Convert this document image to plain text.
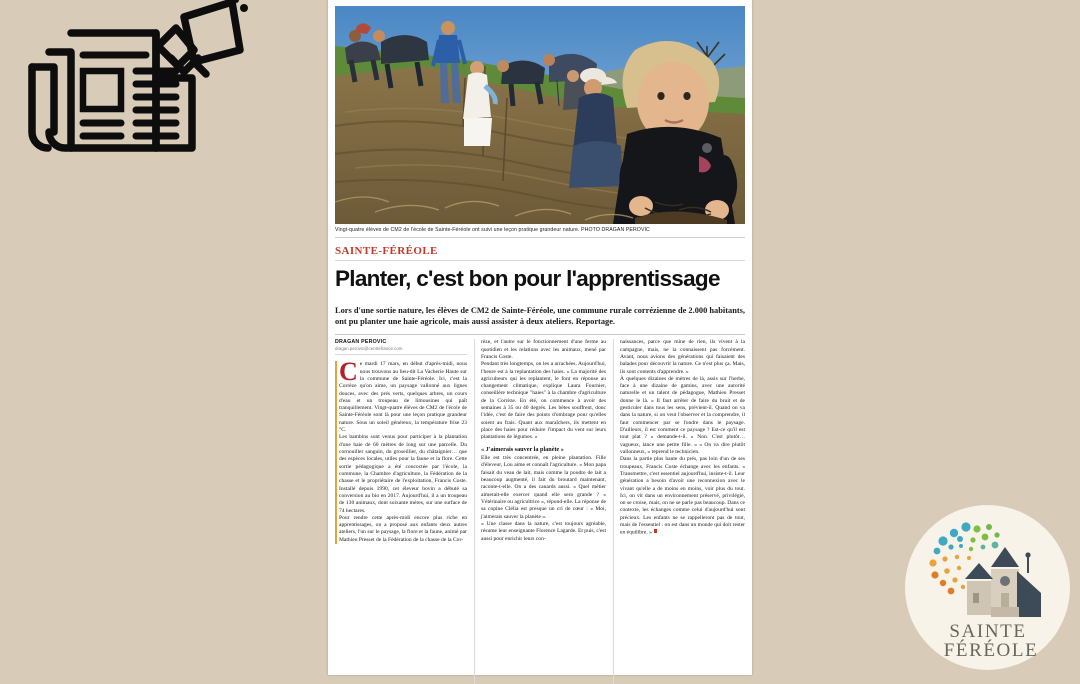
Vingt-quatre élèves de CM2 de l'école de Sainte-Féréole ont suivi une leçon pratique grandeur nature. PHOTO DRAGAN PEROVIC
SAINTE-FÉRÉOLE
Planter, c'est bon pour l'apprentissage
Lors d'une sortie nature, les élèves de CM2 de Sainte-Féréole, une commune rurale corrézienne de 2.000 habitants, ont pu planter une haie agricole, mais aussi assister à deux ateliers. Reportage.
DRAGAN PEROVIC
dragan.perovic@centrefrance.com

Ce mardi 17 mars, en début d'après-midi, nous nous trouvons au lieu-dit La Vacherie Haute sur la commune de Sainte-Féréole. Ici, c'est la Corrèze qu'on aime, un paysage vallonné aux lignes douces, avec des prés verts, quelques arbres, un cours d'eau et un troupeau de limousines qui paît tranquillement. Vingt-quatre élèves de CM2 de l'école de Sainte-Féréole sont là pour une leçon pratique grandeur nature. Sous un soleil généreux, la température frise 23 °C.

Les bambins sont venus pour participer à la plantation d'une haie de 60 mètres de long sur une parcelle. Du cornouiller sanguin, du groseillier, du châtaignier… que des espèces locales, utiles pour la faune et la flore. Cette sortie pédagogique a été concoctée par l'école, la commune, la Chambre d'agriculture, la Fédération de la chasse et le propriétaire de l'exploitation, Francis Coste. Installé depuis 1990, cet éleveur bovin a débuté sa conversion au bio en 2017. Aujourd'hui, il a un troupeau de 130 animaux, dont soixante mères, sur une surface de 74 hectares.

Pour rendre cette après-midi encore plus riche en apprentissages, on a proposé aux enfants deux autres ateliers, l'un sur le paysage, la flore et la faune, animé par Mathieu Presset de la Fédération de la chasse de la Cor-

rèze, et l'autre sur le fonctionnement d'une ferme au quotidien et les relations avec les animaux, mené par Francis Coste.

Pendant très longtemps, on les a arrachées. Aujourd'hui, l'heure est à la replantation des haies. « La majorité des agriculteurs qui les replantent, le font en réponse au changement climatique, explique Laura Fournier, conseillère technique "haies" à la chambre d'agriculture de la Corrèze. En été, on commence à avoir des semaines à 35 ou 40 degrés. Les bêtes souffrent, donc l'idée, c'est de faire des points d'ombrage pour qu'elles soient au frais. Quant aux maraîchers, ils mettent en place des haies pour réduire l'impact du vent sur leurs plantations de légumes. »

« J'aimerais sauver la planète »

Elle est très concentrée, en pleine plantation. Fille d'éleveur, Lou aime et connaît l'agriculture. « Mon papa faisait du veau de lait, mais comme la poudre de lait a beaucoup augmenté, il fait du broutard maintenant, raconte-t-elle. On a des canards aussi. » Quel métier aimerait-elle exercer quand elle sera grande ? « Vétérinaire ou agricultrice », répond-elle. La réponse de sa copine Clélia est presque un cri de cœur : « Moi, j'aimerais sauver la planète ».

« Une classe dans la nature, c'est toujours agréable, résume leur enseignante Florence Lagarde. Et puis, c'est aussi pour enrichir leurs con-

naissances, parce que mine de rien, ils vivent à la campagne, mais, ne la connaissent pas forcément. Avant, nous avions des générations qui faisaient des balades pour découvrir la nature. Ce n'est plus ça. Mais, ils sont contents d'apprendre. »

À quelques dizaines de mètres de là, assis sur l'herbe, face à une dizaine de gamins, avec une autorité naturelle et un talent de pédagogue, Mathieu Presset donne le là. « Il faut arrêter de faire du bruit et de gesticuler dans tous les sens, prévient-il. Quand on va dans la nature, si on veut l'observer et la comprendre, il faut commencer par se fondre dans le paysage. D'ailleurs, il est comment ce paysage ? Est-ce qu'il est tout plat ? » demande-t-il. « Non. C'est plutôt… vagueux, lance une petite fille. » « On va dire plutôt vallonneux, » reprend le technicien.

Dans la partie plus haute du prés, pas loin d'un de ses troupeaux, Francis Coste échange avec les enfants. « Transmettre, c'est essentiel aujourd'hui, insiste-t-il. Leur génération a besoin d'avoir une reconnexion avec le vivant qu'elle a de moins en moins, voir plus du tout. Ici, on vit dans un environnement préservé, privilégié, on se croise, mais, on ne se parle pas beaucoup. Dans ce contexte, les échanges comme celui d'aujourd'hui sont précieux. Les enfants ne se rappelleront pas de tout, mais de l'essentiel : on est dans un monde qui doit rester en équilibre. »

SAINTE
FÉRÉOLE
